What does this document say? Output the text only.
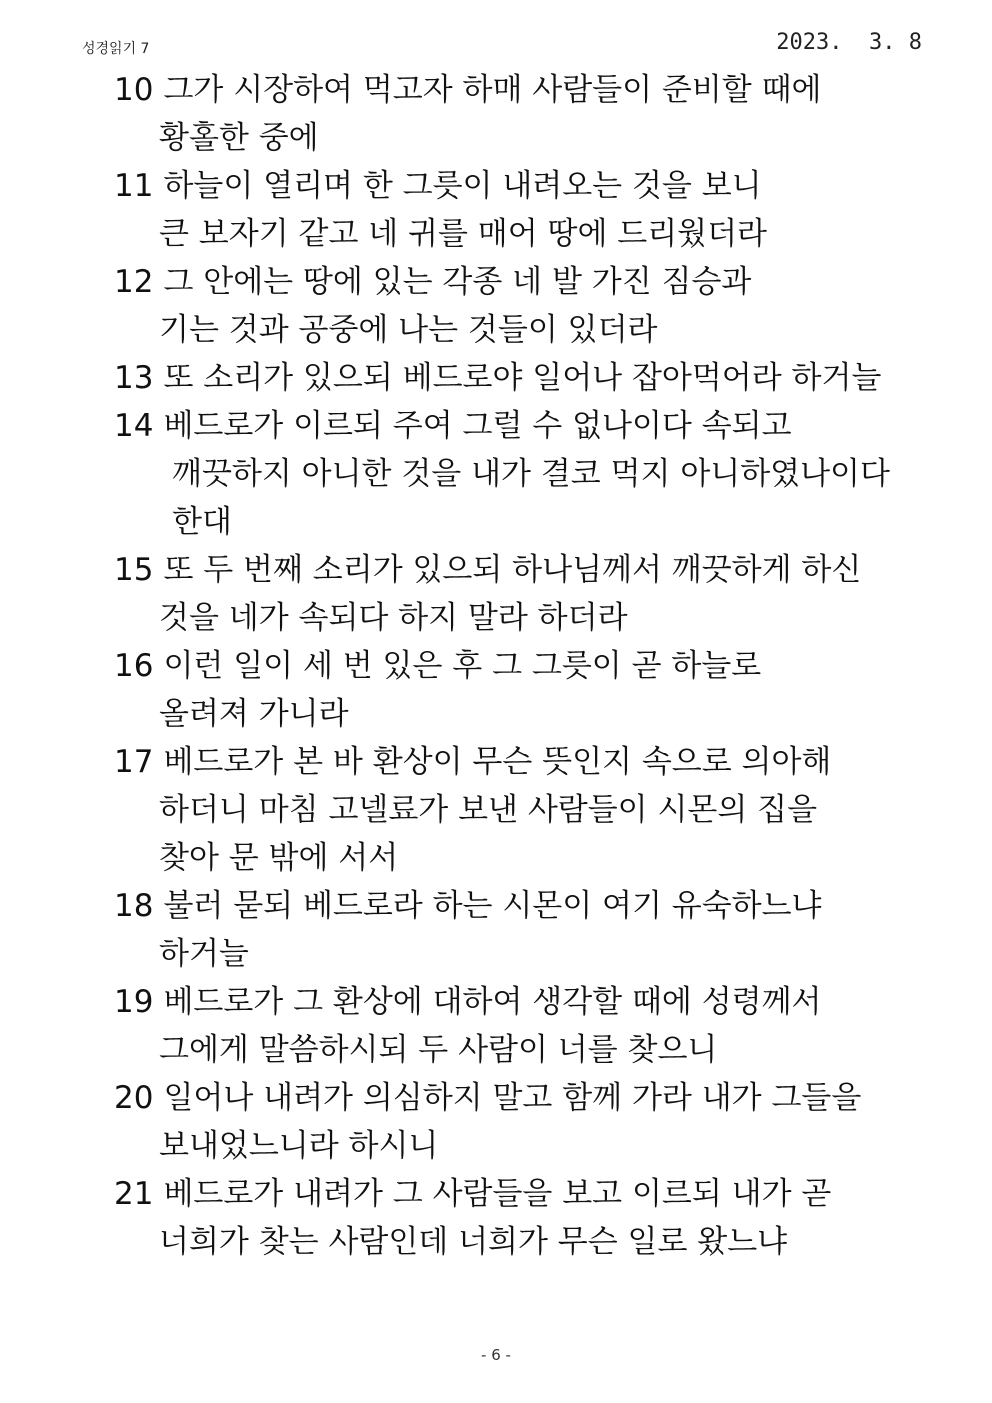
성경읽기 7	2023.  3. 8
10 그가 시장하여 먹고자 하매 사람들이 준비할 때에
황홀한 중에
11 하늘이 열리며 한 그릇이 내려오는 것을 보니
큰 보자기 같고 네 귀를 매어 땅에 드리웠더라
12 그 안에는 땅에 있는 각종 네 발 가진 짐승과
기는 것과 공중에 나는 것들이 있더라
13 또 소리가 있으되 베드로야 일어나 잡아먹어라 하거늘
14 베드로가 이르되 주여 그럴 수 없나이다 속되고
깨끗하지 아니한 것을 내가 결코 먹지 아니하였나이다
한대
15 또 두 번째 소리가 있으되 하나님께서 깨끗하게 하신
것을 네가 속되다 하지 말라 하더라
16 이런 일이 세 번 있은 후 그 그릇이 곧 하늘로
올려져 가니라
17 베드로가 본 바 환상이 무슨 뜻인지 속으로 의아해
하더니 마침 고넬료가 보낸 사람들이 시몬의 집을
찾아 문 밖에 서서
18 불러 묻되 베드로라 하는 시몬이 여기 유숙하느냐
하거늘
19 베드로가 그 환상에 대하여 생각할 때에 성령께서
그에게 말씀하시되 두 사람이 너를 찾으니
20 일어나 내려가 의심하지 말고 함께 가라 내가 그들을
보내었느니라 하시니
21 베드로가 내려가 그 사람들을 보고 이르되 내가 곧
너희가 찾는 사람인데 너희가 무슨 일로 왔느냐
- 6 -
